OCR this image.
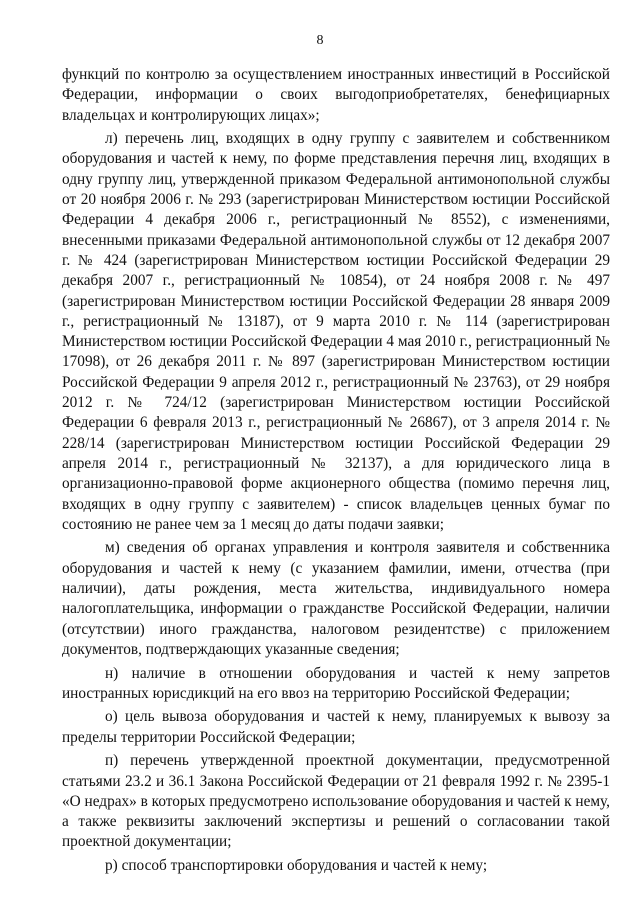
8

функций по контролю за осуществлением иностранных инвестиций в Российской Федерации, информации о своих выгодоприобретателях, бенефициарных владельцах и контролирующих лицах»;

л) перечень лиц, входящих в одну группу с заявителем и собственником оборудования и частей к нему, по форме представления перечня лиц, входящих в одну группу лиц, утвержденной приказом Федеральной антимонопольной службы от 20 ноября 2006 г. № 293 (зарегистрирован Министерством юстиции Российской Федерации 4 декабря 2006 г., регистрационный № 8552), с изменениями, внесенными приказами Федеральной антимонопольной службы от 12 декабря 2007 г. № 424 (зарегистрирован Министерством юстиции Российской Федерации 29 декабря 2007 г., регистрационный № 10854), от 24 ноября 2008 г. № 497 (зарегистрирован Министерством юстиции Российской Федерации 28 января 2009 г., регистрационный № 13187), от 9 марта 2010 г. № 114 (зарегистрирован Министерством юстиции Российской Федерации 4 мая 2010 г., регистрационный № 17098), от 26 декабря 2011 г. № 897 (зарегистрирован Министерством юстиции Российской Федерации 9 апреля 2012 г., регистрационный № 23763), от 29 ноября 2012 г. № 724/12 (зарегистрирован Министерством юстиции Российской Федерации 6 февраля 2013 г., регистрационный № 26867), от 3 апреля 2014 г. № 228/14 (зарегистрирован Министерством юстиции Российской Федерации 29 апреля 2014 г., регистрационный № 32137), а для юридического лица в организационно-правовой форме акционерного общества (помимо перечня лиц, входящих в одну группу с заявителем) - список владельцев ценных бумаг по состоянию не ранее чем за 1 месяц до даты подачи заявки;

м) сведения об органах управления и контроля заявителя и собственника оборудования и частей к нему (с указанием фамилии, имени, отчества (при наличии), даты рождения, места жительства, индивидуального номера налогоплательщика, информации о гражданстве Российской Федерации, наличии (отсутствии) иного гражданства, налоговом резидентстве) с приложением документов, подтверждающих указанные сведения;

н) наличие в отношении оборудования и частей к нему запретов иностранных юрисдикций на его ввоз на территорию Российской Федерации;

о) цель вывоза оборудования и частей к нему, планируемых к вывозу за пределы территории Российской Федерации;

п) перечень утвержденной проектной документации, предусмотренной статьями 23.2 и 36.1 Закона Российской Федерации от 21 февраля 1992 г. № 2395-1 «О недрах» в которых предусмотрено использование оборудования и частей к нему, а также реквизиты заключений экспертизы и решений о согласовании такой проектной документации;

р) способ транспортировки оборудования и частей к нему;
